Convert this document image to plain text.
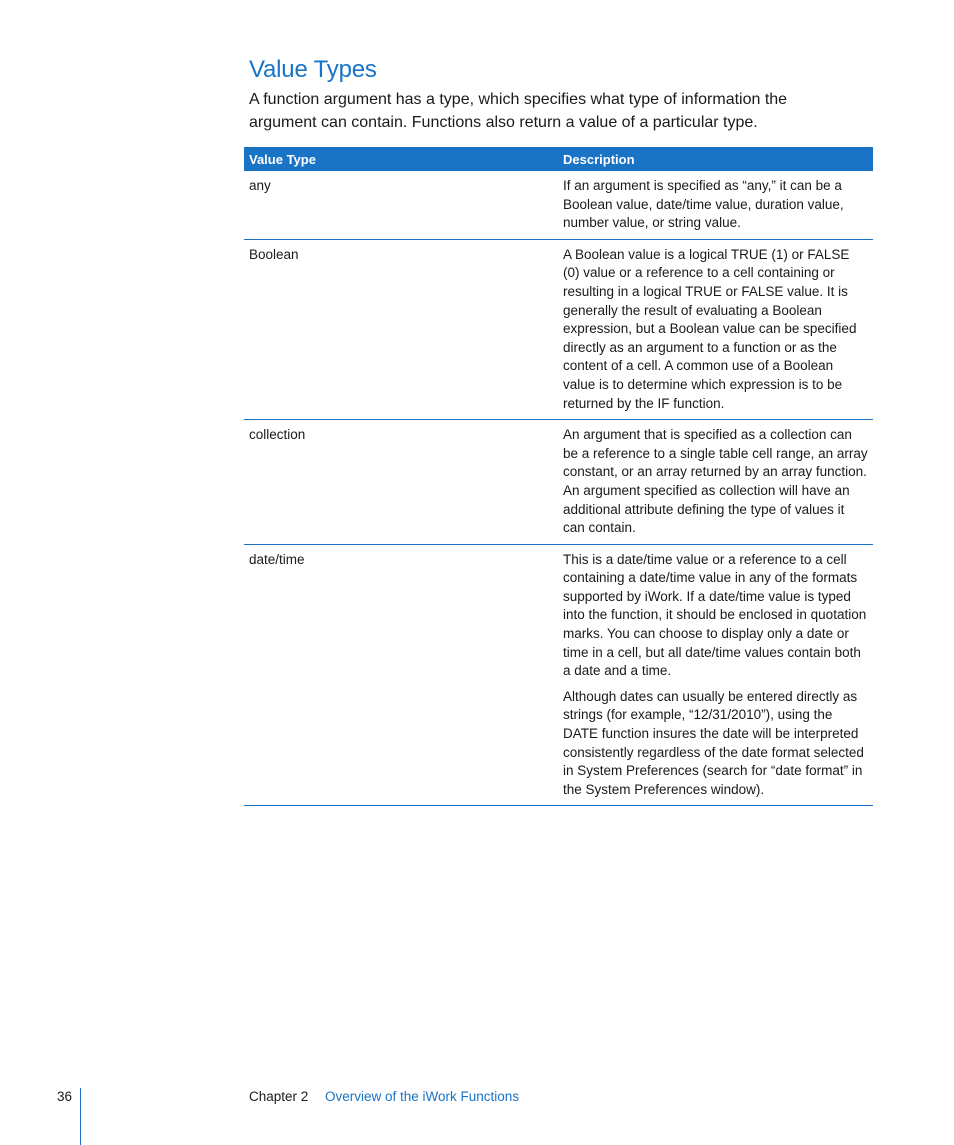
Value Types

A function argument has a type, which specifies what type of information the argument can contain. Functions also return a value of a particular type.

Value Type	Description
any	If an argument is specified as “any,” it can be a Boolean value, date/time value, duration value, number value, or string value.

Boolean	A Boolean value is a logical TRUE (1) or FALSE (0) value or a reference to a cell containing or resulting in a logical TRUE or FALSE value. It is generally the result of evaluating a Boolean expression, but a Boolean value can be specified directly as an argument to a function or as the content of a cell. A common use of a Boolean value is to determine which expression is to be returned by the IF function.

collection	An argument that is specified as a collection can be a reference to a single table cell range, an array constant, or an array returned by an array function. An argument specified as collection will have an additional attribute defining the type of values it can contain.

date/time	This is a date/time value or a reference to a cell containing a date/time value in any of the formats supported by iWork. If a date/time value is typed into the function, it should be enclosed in quotation marks. You can choose to display only a date or time in a cell, but all date/time values contain both a date and a time.

Although dates can usually be entered directly as strings (for example, “12/31/2010”), using the DATE function insures the date will be interpreted consistently regardless of the date format selected in System Preferences (search for “date format” in the System Preferences window).

36	Chapter 2 Overview of the iWork Functions
